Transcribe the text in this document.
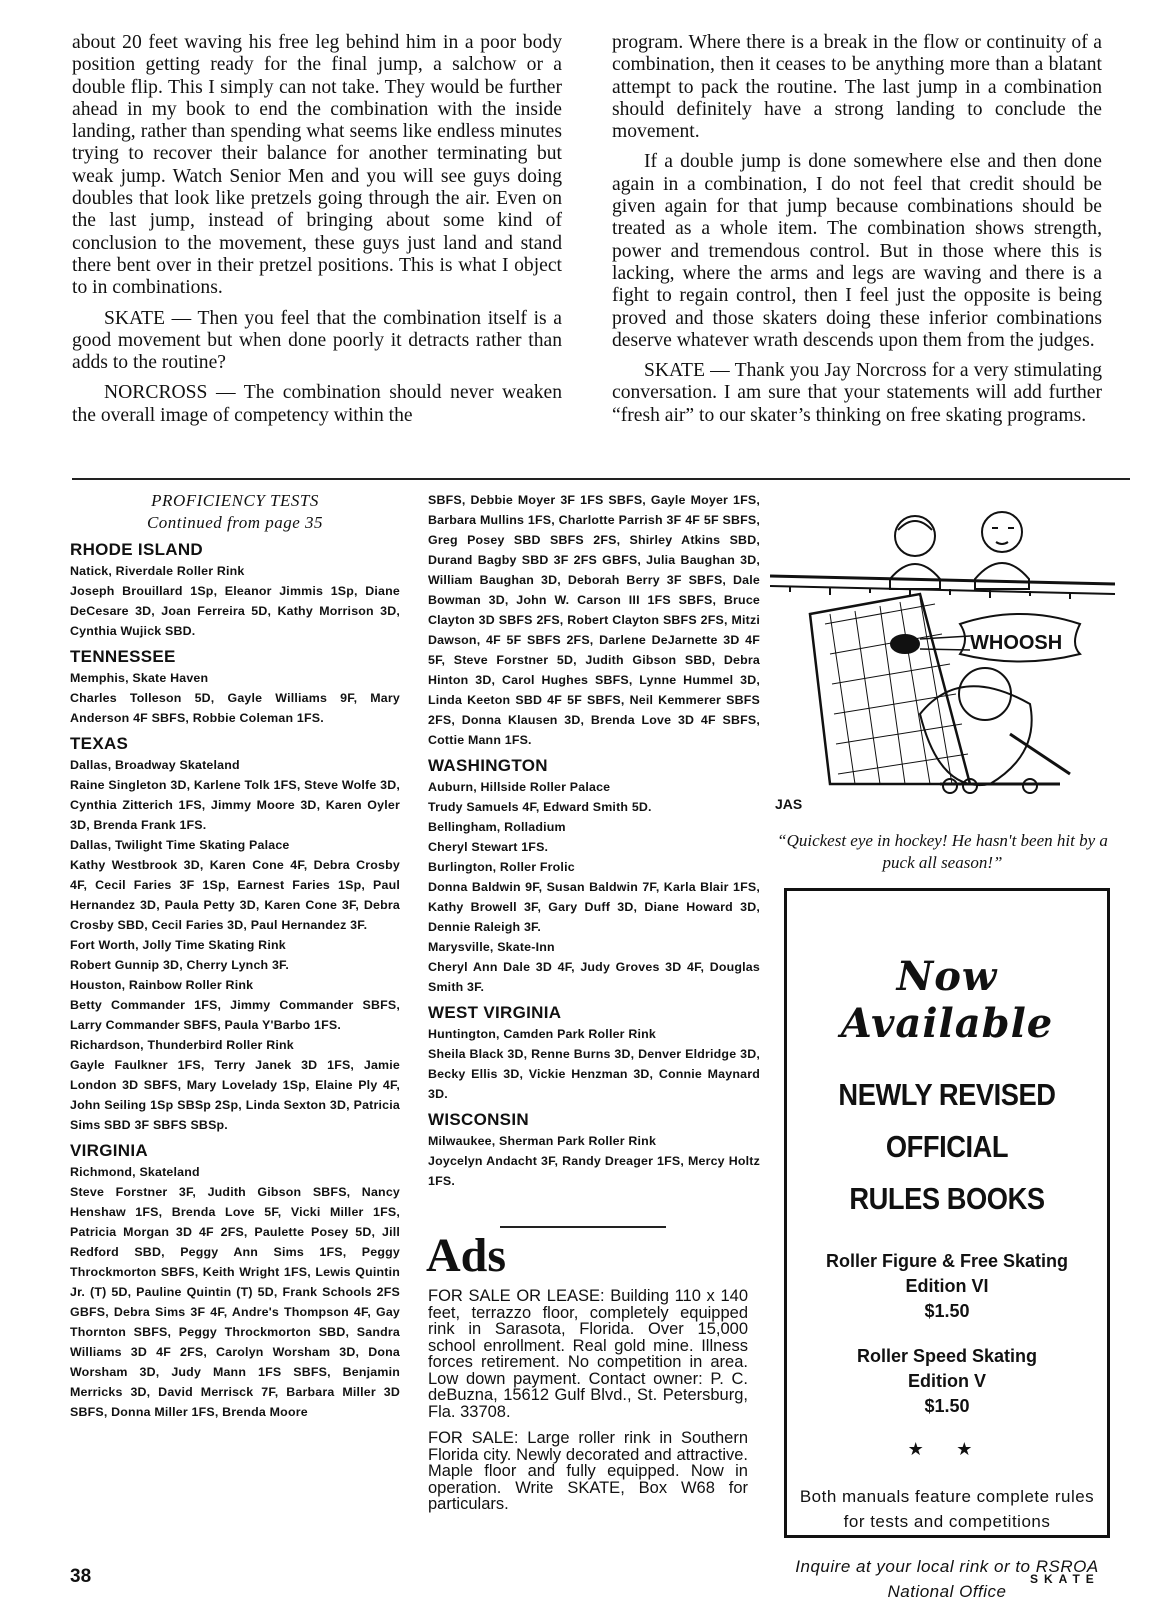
about 20 feet waving his free leg behind him in a poor body position getting ready for the final jump, a salchow or a double flip. This I simply can not take. They would be further ahead in my book to end the combination with the inside landing, rather than spending what seems like endless minutes trying to recover their balance for another terminating but weak jump. Watch Senior Men and you will see guys doing doubles that look like pretzels going through the air. Even on the last jump, instead of bringing about some kind of conclusion to the movement, these guys just land and stand there bent over in their pretzel positions. This is what I object to in combinations.

SKATE — Then you feel that the combination itself is a good movement but when done poorly it detracts rather than adds to the routine?

NORCROSS — The combination should never weaken the overall image of competency within the

program. Where there is a break in the flow or continuity of a combination, then it ceases to be anything more than a blatant attempt to pack the routine. The last jump in a combination should definitely have a strong landing to conclude the movement.

If a double jump is done somewhere else and then done again in a combination, I do not feel that credit should be given again for that jump because combinations should be treated as a whole item. The combination shows strength, power and tremendous control. But in those where this is lacking, where the arms and legs are waving and there is a fight to regain control, then I feel just the opposite is being proved and those skaters doing these inferior combinations deserve whatever wrath descends upon them from the judges.

SKATE — Thank you Jay Norcross for a very stimulating conversation. I am sure that your statements will add further “fresh air” to our skater’s thinking on free skating programs.

PROFICIENCY TESTS
Continued from page 35
RHODE ISLAND
Natick, Riverdale Roller Rink
Joseph Brouillard 1Sp, Eleanor Jimmis 1Sp, Diane DeCesare 3D, Joan Ferreira 5D, Kathy Morrison 3D, Cynthia Wujick SBD.
TENNESSEE
Memphis, Skate Haven
Charles Tolleson 5D, Gayle Williams 9F, Mary Anderson 4F SBFS, Robbie Coleman 1FS.
TEXAS
Dallas, Broadway Skateland
Raine Singleton 3D, Karlene Tolk 1FS, Steve Wolfe 3D, Cynthia Zitterich 1FS, Jimmy Moore 3D, Karen Oyler 3D, Brenda Frank 1FS.
Dallas, Twilight Time Skating Palace
Kathy Westbrook 3D, Karen Cone 4F, Debra Crosby 4F, Cecil Faries 3F 1Sp, Earnest Faries 1Sp, Paul Hernandez 3D, Paula Petty 3D, Karen Cone 3F, Debra Crosby SBD, Cecil Faries 3D, Paul Hernandez 3F.
Fort Worth, Jolly Time Skating Rink
Robert Gunnip 3D, Cherry Lynch 3F.
Houston, Rainbow Roller Rink
Betty Commander 1FS, Jimmy Commander SBFS, Larry Commander SBFS, Paula Y'Barbo 1FS.
Richardson, Thunderbird Roller Rink
Gayle Faulkner 1FS, Terry Janek 3D 1FS, Jamie London 3D SBFS, Mary Lovelady 1Sp, Elaine Ply 4F, John Seiling 1Sp SBSp 2Sp, Linda Sexton 3D, Patricia Sims SBD 3F SBFS SBSp.
VIRGINIA
Richmond, Skateland
Steve Forstner 3F, Judith Gibson SBFS, Nancy Henshaw 1FS, Brenda Love 5F, Vicki Miller 1FS, Patricia Morgan 3D 4F 2FS, Paulette Posey 5D, Jill Redford SBD, Peggy Ann Sims 1FS, Peggy Throckmorton SBFS, Keith Wright 1FS, Lewis Quintin Jr. (T) 5D, Pauline Quintin (T) 5D, Frank Schools 2FS GBFS, Debra Sims 3F 4F, Andre's Thompson 4F, Gay Thornton SBFS, Peggy Throckmorton SBD, Sandra Williams 3D 4F 2FS, Carolyn Worsham 3D, Dona Worsham 3D, Judy Mann 1FS SBFS, Benjamin Merricks 3D, David Merrisck 7F, Barbara Miller 3D SBFS, Donna Miller 1FS, Brenda Moore
SBFS, Debbie Moyer 3F 1FS SBFS, Gayle Moyer 1FS, Barbara Mullins 1FS, Charlotte Parrish 3F 4F 5F SBFS, Greg Posey SBD SBFS 2FS, Shirley Atkins SBD, Durand Bagby SBD 3F 2FS GBFS, Julia Baughan 3D, William Baughan 3D, Deborah Berry 3F SBFS, Dale Bowman 3D, John W. Carson III 1FS SBFS, Bruce Clayton 3D SBFS 2FS, Robert Clayton SBFS 2FS, Mitzi Dawson, 4F 5F SBFS 2FS, Darlene DeJarnette 3D 4F 5F, Steve Forstner 5D, Judith Gibson SBD, Debra Hinton 3D, Carol Hughes SBFS, Lynne Hummel 3D, Linda Keeton SBD 4F 5F SBFS, Neil Kemmerer SBFS 2FS, Donna Klausen 3D, Brenda Love 3D 4F SBFS, Cottie Mann 1FS.
WASHINGTON
Auburn, Hillside Roller Palace
Trudy Samuels 4F, Edward Smith 5D.
Bellingham, Rolladium
Cheryl Stewart 1FS.
Burlington, Roller Frolic
Donna Baldwin 9F, Susan Baldwin 7F, Karla Blair 1FS, Kathy Browell 3F, Gary Duff 3D, Diane Howard 3D, Dennie Raleigh 3F.
Marysville, Skate-Inn
Cheryl Ann Dale 3D 4F, Judy Groves 3D 4F, Douglas Smith 3F.
WEST VIRGINIA
Huntington, Camden Park Roller Rink
Sheila Black 3D, Renne Burns 3D, Denver Eldridge 3D, Becky Ellis 3D, Vickie Henzman 3D, Connie Maynard 3D.
WISCONSIN
Milwaukee, Sherman Park Roller Rink
Joycelyn Andacht 3F, Randy Dreager 1FS, Mercy Holtz 1FS.
Ads
FOR SALE OR LEASE: Building 110 x 140 feet, terrazzo floor, completely equipped rink in Sarasota, Florida. Over 15,000 school enrollment. Real gold mine. Illness forces retirement. No competition in area. Low down payment. Contact owner: P. C. deBuzna, 15612 Gulf Blvd., St. Petersburg, Fla. 33708.
FOR SALE: Large roller rink in Southern Florida city. Newly decorated and attractive. Maple floor and fully equipped. Now in operation. Write SKATE, Box W68 for particulars.
WHOOSH
JAS
“Quickest eye in hockey! He hasn't been hit by a puck all season!”
Now Available
NEWLY REVISED OFFICIAL
RULES BOOKS
Roller Figure & Free Skating
Edition VI
$1.50
Roller Speed Skating
Edition V
$1.50
★ ★
Both manuals feature complete rules for tests and competitions
Inquire at your local rink or to RSROA National Office
38	SKATE
